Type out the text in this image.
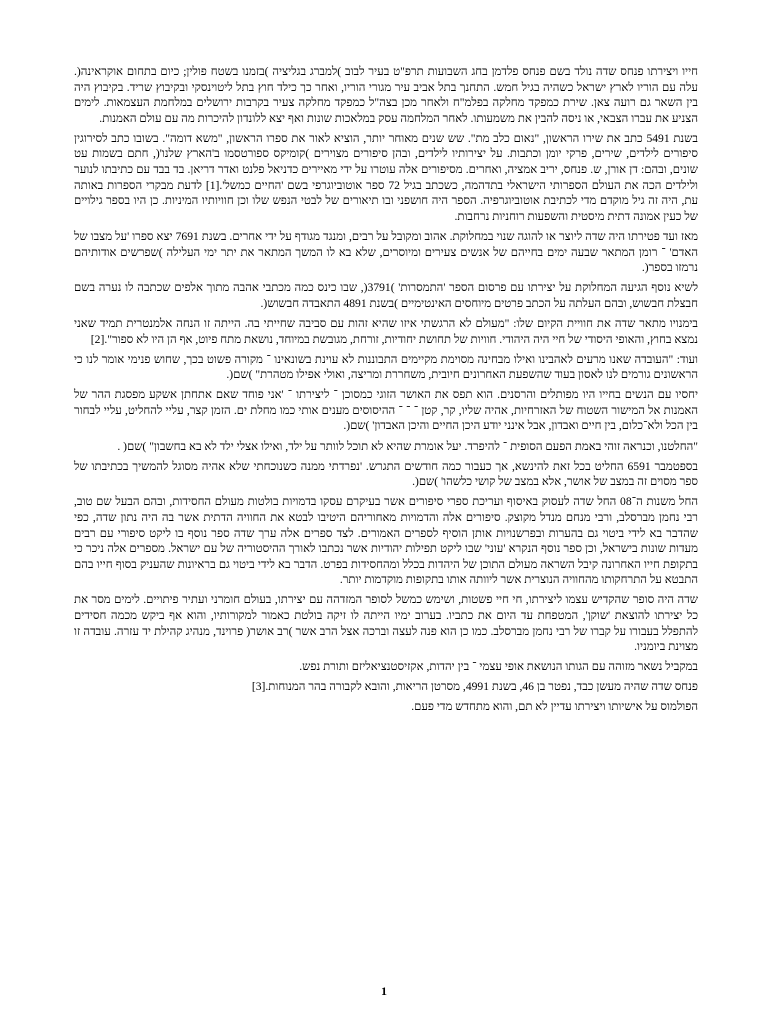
חייו ויצירתו פנחס שדה נולד בשם פנחס פלדמן בחג השבועות תרפ"ט בעיר לבוב )למברג בגליציה )בזמנו בשטח פולין; כיום בתחום אוקראינה(. עלה עם הוריו לארץ ישראל כשהיה בגיל חמש. התחנך בתל אביב עיר מגורי הוריו, ואחר כך כילד חוץ בתל ליטוינסקי ובקיבוץ שריד. בקיבוץ היה בין השאר גם רועה צאן. שירת כמפקד מחלקה בפלמ"ח ולאחר מכן בצה"ל כמפקד מחלקה צעיר בקרבות ירושלים במלחמת העצמאות. לימים הצניע את עברו הצבאי, או ניסה להבין את משמעותו. לאחר המלחמה עסק במלאכות שונות ואף יצא ללונדון להיכרות מה עם עולם האמנות.

בשנת 5491 כתב את שירו הראשון, "נאום כלב מת". שש שנים מאוחר יותר, הוציא לאור את ספרו הראשון, "משא דומה". בשובו כתב לסירוגין סיפורים לילדים, שירים, פרקי יומן וכתבות. על יצירותיו לילדים, ובהן סיפורים מצוירים )קומיקס ספורטסמו ב'הארץ שלנו'(, חתם בשמות עט שונים, ובהם: דן אורן, ש. פנחס, יריב אמציה, ואחרים. מסיפורים אלה עוטרו על ידי מאיירים כדניאל פלנט ואדר דריאן. בד בבד עם כתיבתו לנוער ולילדים הכה את העולם הספרותי הישראלי בתדהמה, כשכתב בגיל 72 ספר אוטוביוגרפי בשם 'החיים כמשל'.[1] לדעת מבקרי הספרות באותה עת, היה זה גיל מוקדם מדי לכתיבת אוטוביוגרפיה. הספר היה חושפני ובו תיאורים של לבטי הנפש שלו וכן חוויותיו המיניות. כן היו בספר גילויים של כעין אמונה דתית מיסטית והשפעות רוחניות נרחבות.

מאז ועד פטירתו היה שדה ליוצר או להוגה שנוי במחלוקת. אהוב ומקובל על רבים, ומנגד מגודף על ידי אחרים. בשנת 7691 יצא ספרו 'על מצבו של האדם' ־ רומן המתאר שבעה ימים בחייהם של אנשים צעירים ומיוסרים, שלא בא לו המשך המתאר את יתר ימי העלילה )שפרשים אודותיהם נרמזו בספר(.

לשיא נוסף הגיעה המחלוקת על יצירתו עם פרסום הספר 'התמסרות' )3791(, שבו כינס כמה מכתבי אהבה מתוך אלפים שכתבה לו נערה בשם חבצלת חבשוש, ובהם העלתה על הכתב פרטים מיוחסים האינטימיים )בשנת 4891 התאבדה חבשוש(.

בימנויו מתאר שדה את חוויית הקיום שלו: "מעולם לא הרגשתי איזו שהיא זהות עם סביבה שחייתי בה. הייתה זו הנחה אלמנטרית תמיד שאני נמצא בחוץ, והאופי היסודי של חיי היה היהודי. חוויות של תחושת יחודיות, זורחת, מגובשת במיוחד, נושאת מתח פיוט, אף הן היו לא ספור".[2]

ועוד: "העובדה שאנו מרעים לאהבינו ואילו מבחינה מסוימת מקיימים התבוננות לא עוינת בשונאינו ־ מקורה פשוט בכך, שחוש פנימי אומר לנו כי הראשונים גורמים לנו לאסון בעוד שהשפעת האחרונים חיובית, משחררת ומריצה, ואולי אפילו מטהרת" )שם(.

יחסיו עם הנשים בחייו היו מפותלים והרסנים. הוא תפס את האושר הזוגי כמסוכן ־ ליצירתו ־ 'אני פוחד שאם אתחתן אשקע מפסגת ההר של האמנות אל המישור השטוח של האזרחיות, אהיה שליו, קר, קטן ־ ־ ־ ההיסוסים מענים אותי כמו מחלת ים. הזמן קצר, עליי להחליט, עליי לבחור בין הכל ולא־כלום, בין חיים ואבדון, אבל אינני יודע היכן החיים והיכן האבדון' )שם(.

"החלטנו, וכנראה זוהי באמת הפעם הסופית ־ להיפרד. יעל אומרת שהיא לא תוכל לוותר על ילד, ואילו אצלי ילד לא בא בחשבון" )שם( .

בספטמבר 6591 החליט בכל זאת להינשא, אך כעבור כמה חודשים התגרש. 'נפרדתי ממנה כשנוכחתי שלא אהיה מסוגל להמשיך בכתיבתו של ספר מסוים זה במצב של אושר, אלא במצב של קושי כלשהו' )שם(.

החל משנות ה־08 החל שדה לעסוק באיסוף ועריכת ספרי סיפורים אשר בעיקרם עסקו בדמויות בולטות מעולם החסידות, ובהם הבעל שם טוב, רבי נחמן מברסלב, ורבי מנחם מנדל מקוצק. סיפורים אלה והדמויות מאחוריהם היטיבו לבטא את החוויה הדתית אשר בה היה נתון שדה, כפי שהדבר בא לידי ביטוי גם בהערות ובפרשנויות אותן הוסיף לספרים האמורים. לצד ספרים אלה ערך שדה ספר נוסף בו ליקט סיפורי עם רבים מעדות שונות בישראל, וכן ספר נוסף הנקרא 'עוני' שבו ליקט תפילות יהודיות אשר נכתבו לאורך ההיסטוריה של עם ישראל. מספרים אלה ניכר כי בתקופת חייו האחרונה קיבל השראה מעולם התוכן של היהדות בכלל ומהחסידות בפרט. הדבר בא לידי ביטוי גם בראיונות שהעניק בסוף חייו בהם התבטא על התרחקותו מהחוויה הנוצרית אשר ליוותה אותו בתקופות מוקדמות יותר.

שדה היה סופר שהקדיש עצמו ליצירתו, חי חיי פשטות, ושימש כמשל לסופר המזדהה עם יצירתו, בעולם חומרני ועתיר פיתויים. לימים מסר את כל יצירתו להוצאת 'שוקן', המטפחת עד היום את כתביו. בערוב ימיו הייתה לו זיקה בולטת כאמור למקורותיו, והוא אף ביקש מכמה חסידים להתפלל בעבורו על קברו של רבי נחמן מברסלב. כמו כן הוא פנה לעצה וברכה אצל הרב אשר )רב אושר( פרוינד, מנהיג קהילת יד עזרה. עובדה זו מצוינת ביומניו.

במקביל נשאר מזוהה עם הגותו הנושאת אופי עצמי ־ בין יהדות, אקזיסטנציאליזם ותורת נפש.

פנחס שדה שהיה מעשן כבד, נפטר בן 46, בשנת 4991, מסרטן הריאות, והובא לקבורה בהר המנוחות.[3]

הפולמוס על אישיותו ויצירתו עדיין לא תם, והוא מתחדש מדי פעם.

1
